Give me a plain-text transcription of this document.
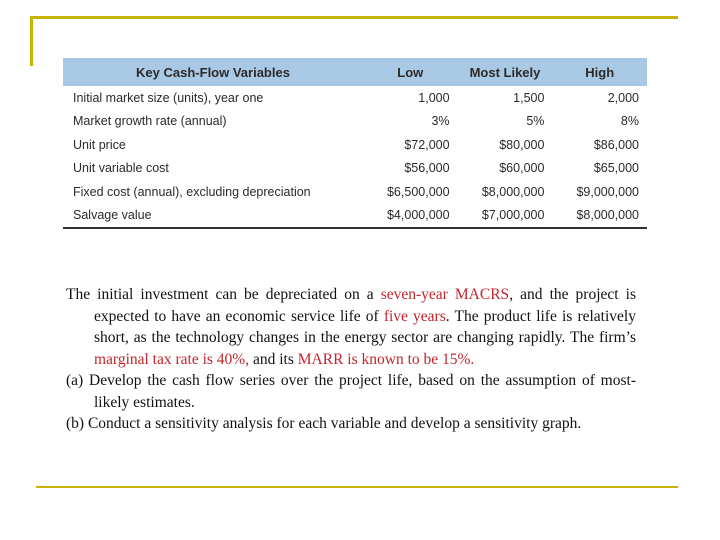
Key Cash-Flow Variables	Low	Most Likely	High
Initial market size (units), year one	1,000	1,500	2,000
Market growth rate (annual)	3%	5%	8%
Unit price	$72,000	$80,000	$86,000
Unit variable cost	$56,000	$60,000	$65,000
Fixed cost (annual), excluding depreciation	$6,500,000	$8,000,000	$9,000,000
Salvage value	$4,000,000	$7,000,000	$8,000,000

The initial investment can be depreciated on a seven-year MACRS, and the project is expected to have an economic service life of five years. The product life is relatively short, as the technology changes in the energy sector are changing rapidly. The firm’s marginal tax rate is 40%, and its MARR is known to be 15%.

(a) Develop the cash flow series over the project life, based on the assumption of most-likely estimates.

(b) Conduct a sensitivity analysis for each variable and develop a sensitivity graph.
